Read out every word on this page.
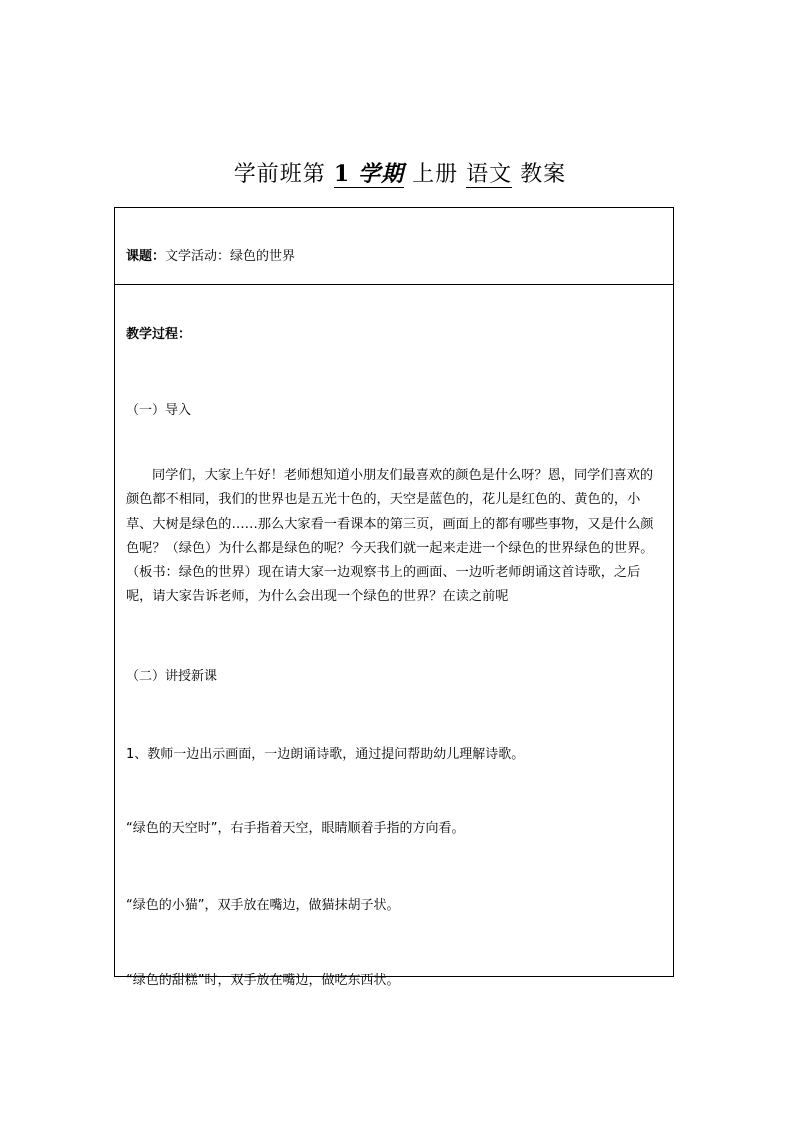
学前班第 1 学期 上册 语文 教案
课题：文学活动：绿色的世界
教学过程：
（一）导入
同学们，大家上午好！老师想知道小朋友们最喜欢的颜色是什么呀？恩，同学们喜欢的颜色都不相同，我们的世界也是五光十色的，天空是蓝色的，花儿是红色的、黄色的，小草、大树是绿色的……那么大家看一看课本的第三页，画面上的都有哪些事物，又是什么颜色呢？（绿色）为什么都是绿色的呢？今天我们就一起来走进一个绿色的世界绿色的世界。（板书：绿色的世界）现在请大家一边观察书上的画面、一边听老师朗诵这首诗歌，之后呢，请大家告诉老师，为什么会出现一个绿色的世界？在读之前呢
（二）讲授新课
1、教师一边出示画面，一边朗诵诗歌，通过提问帮助幼儿理解诗歌。
“绿色的天空时”，右手指着天空，眼睛顺着手指的方向看。
“绿色的小猫”，双手放在嘴边，做猫抹胡子状。
“绿色的甜糕”时，双手放在嘴边，做吃东西状。
